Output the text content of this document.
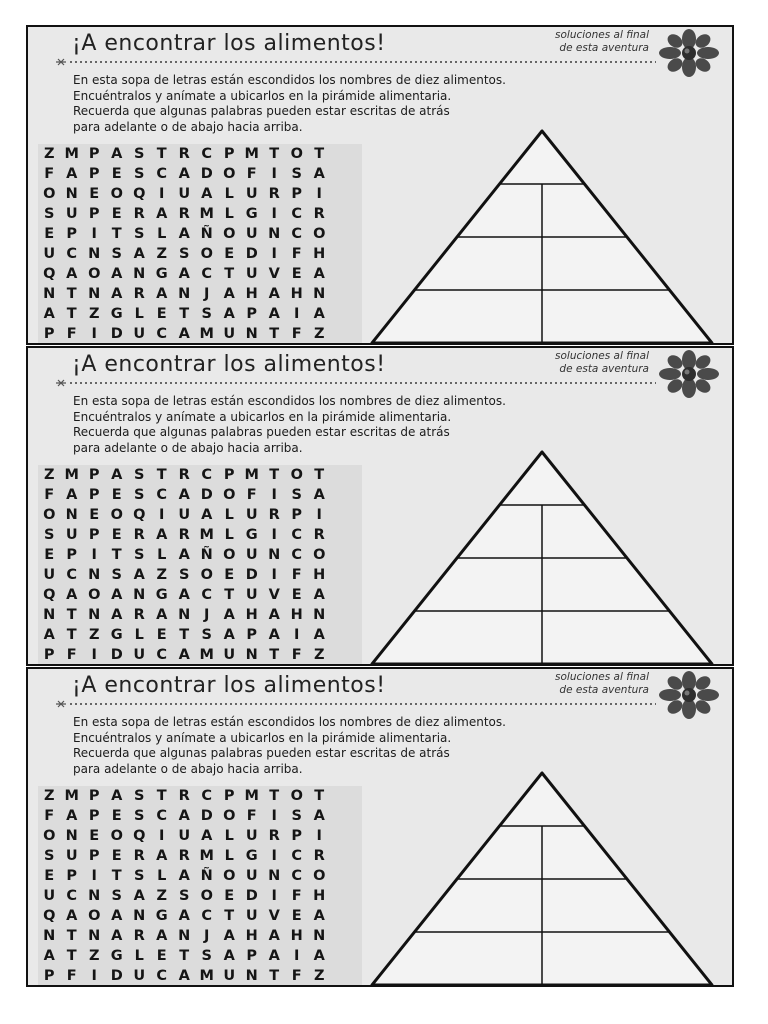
¡A encontrar los alimentos!	soluciones al final
de esta aventura
En esta sopa de letras están escondidos los nombres de diez alimentos.
Encuéntralos y anímate a ubicarlos en la pirámide alimentaria.
Recuerda que algunas palabras pueden estar escritas de atrás
para adelante o de abajo hacia arriba.
Z M P A S T R C P M T O T
F A P E S C A D O F	I	S A
O N E O Q I U A L U R P I
S U P E R A R M L G I C R
E P I	T S L A Ñ O U N C O
U C N S A Z S O E D I	F H
Q A O A N G A C T U V E A
N T N A R A N J A H A H N
A T Z G L E T S A P A I A
P F	I D U C A M U N T F Z
¡A encontrar los alimentos!	soluciones al final
de esta aventura
En esta sopa de letras están escondidos los nombres de diez alimentos.
Encuéntralos y anímate a ubicarlos en la pirámide alimentaria.
Recuerda que algunas palabras pueden estar escritas de atrás
para adelante o de abajo hacia arriba.
Z M P A S T R C P M T O T
F A P E S C A D O F	I	S A
O N E O Q I U A L U R P I
S U P E R A R M L G I C R
E P I	T S L A Ñ O U N C O
U C N S A Z S O E D I	F H
Q A O A N G A C T U V E A
N T N A R A N J A H A H N
A T Z G L E T S A P A I A
P F	I D U C A M U N T F Z
¡A encontrar los alimentos!	soluciones al final
de esta aventura
En esta sopa de letras están escondidos los nombres de diez alimentos.
Encuéntralos y anímate a ubicarlos en la pirámide alimentaria.
Recuerda que algunas palabras pueden estar escritas de atrás
para adelante o de abajo hacia arriba.
Z M P A S T R C P M T O T
F A P E S C A D O F	I	S A
O N E O Q I U A L U R P I
S U P E R A R M L G I C R
E P I	T S L A Ñ O U N C O
U C N S A Z S O E D I	F H
Q A O A N G A C T U V E A
N T N A R A N J A H A H N
A T Z G L E T S A P A I A
P F	I D U C A M U N T F Z
